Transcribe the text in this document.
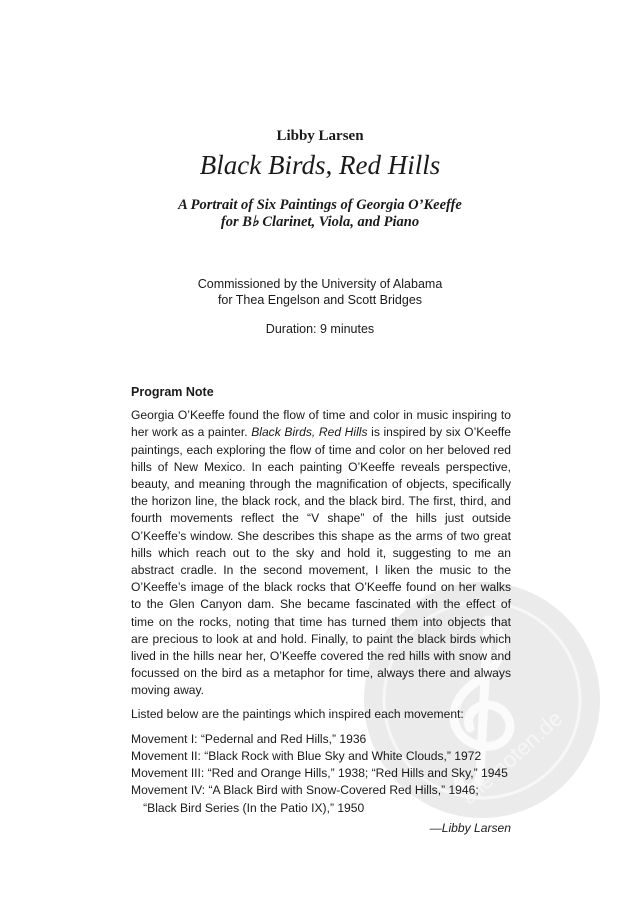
alle-noten.de
Libby Larsen
Black Birds, Red Hills
A Portrait of Six Paintings of Georgia O’Keeffe
for B♭ Clarinet, Viola, and Piano
Commissioned by the University of Alabama
for Thea Engelson and Scott Bridges
Duration: 9 minutes
Program Note

Georgia O’Keeffe found the flow of time and color in music inspiring to her work as a painter. Black Birds, Red Hills is inspired by six O’Keeffe paintings, each exploring the flow of time and color on her beloved red hills of New Mexico. In each painting O’Keeffe reveals perspective, beauty, and meaning through the magnification of objects, specifically the horizon line, the black rock, and the black bird. The first, third, and fourth movements reflect the “V shape” of the hills just outside O’Keeffe’s window. She describes this shape as the arms of two great hills which reach out to the sky and hold it, suggesting to me an abstract cradle. In the second movement, I liken the music to the O’Keeffe’s image of the black rocks that O’Keeffe found on her walks to the Glen Canyon dam. She became fascinated with the effect of time on the rocks, noting that time has turned them into objects that are precious to look at and hold. Finally, to paint the black birds which lived in the hills near her, O’Keeffe covered the red hills with snow and focussed on the bird as a metaphor for time, always there and always moving away.

Listed below are the paintings which inspired each movement:

Movement I: “Pedernal and Red Hills,” 1936
Movement II: “Black Rock with Blue Sky and White Clouds,” 1972
Movement III: “Red and Orange Hills,” 1938; “Red Hills and Sky,” 1945
Movement IV: “A Black Bird with Snow-Covered Red Hills,” 1946;
 “Black Bird Series (In the Patio IX),” 1950
—Libby Larsen
